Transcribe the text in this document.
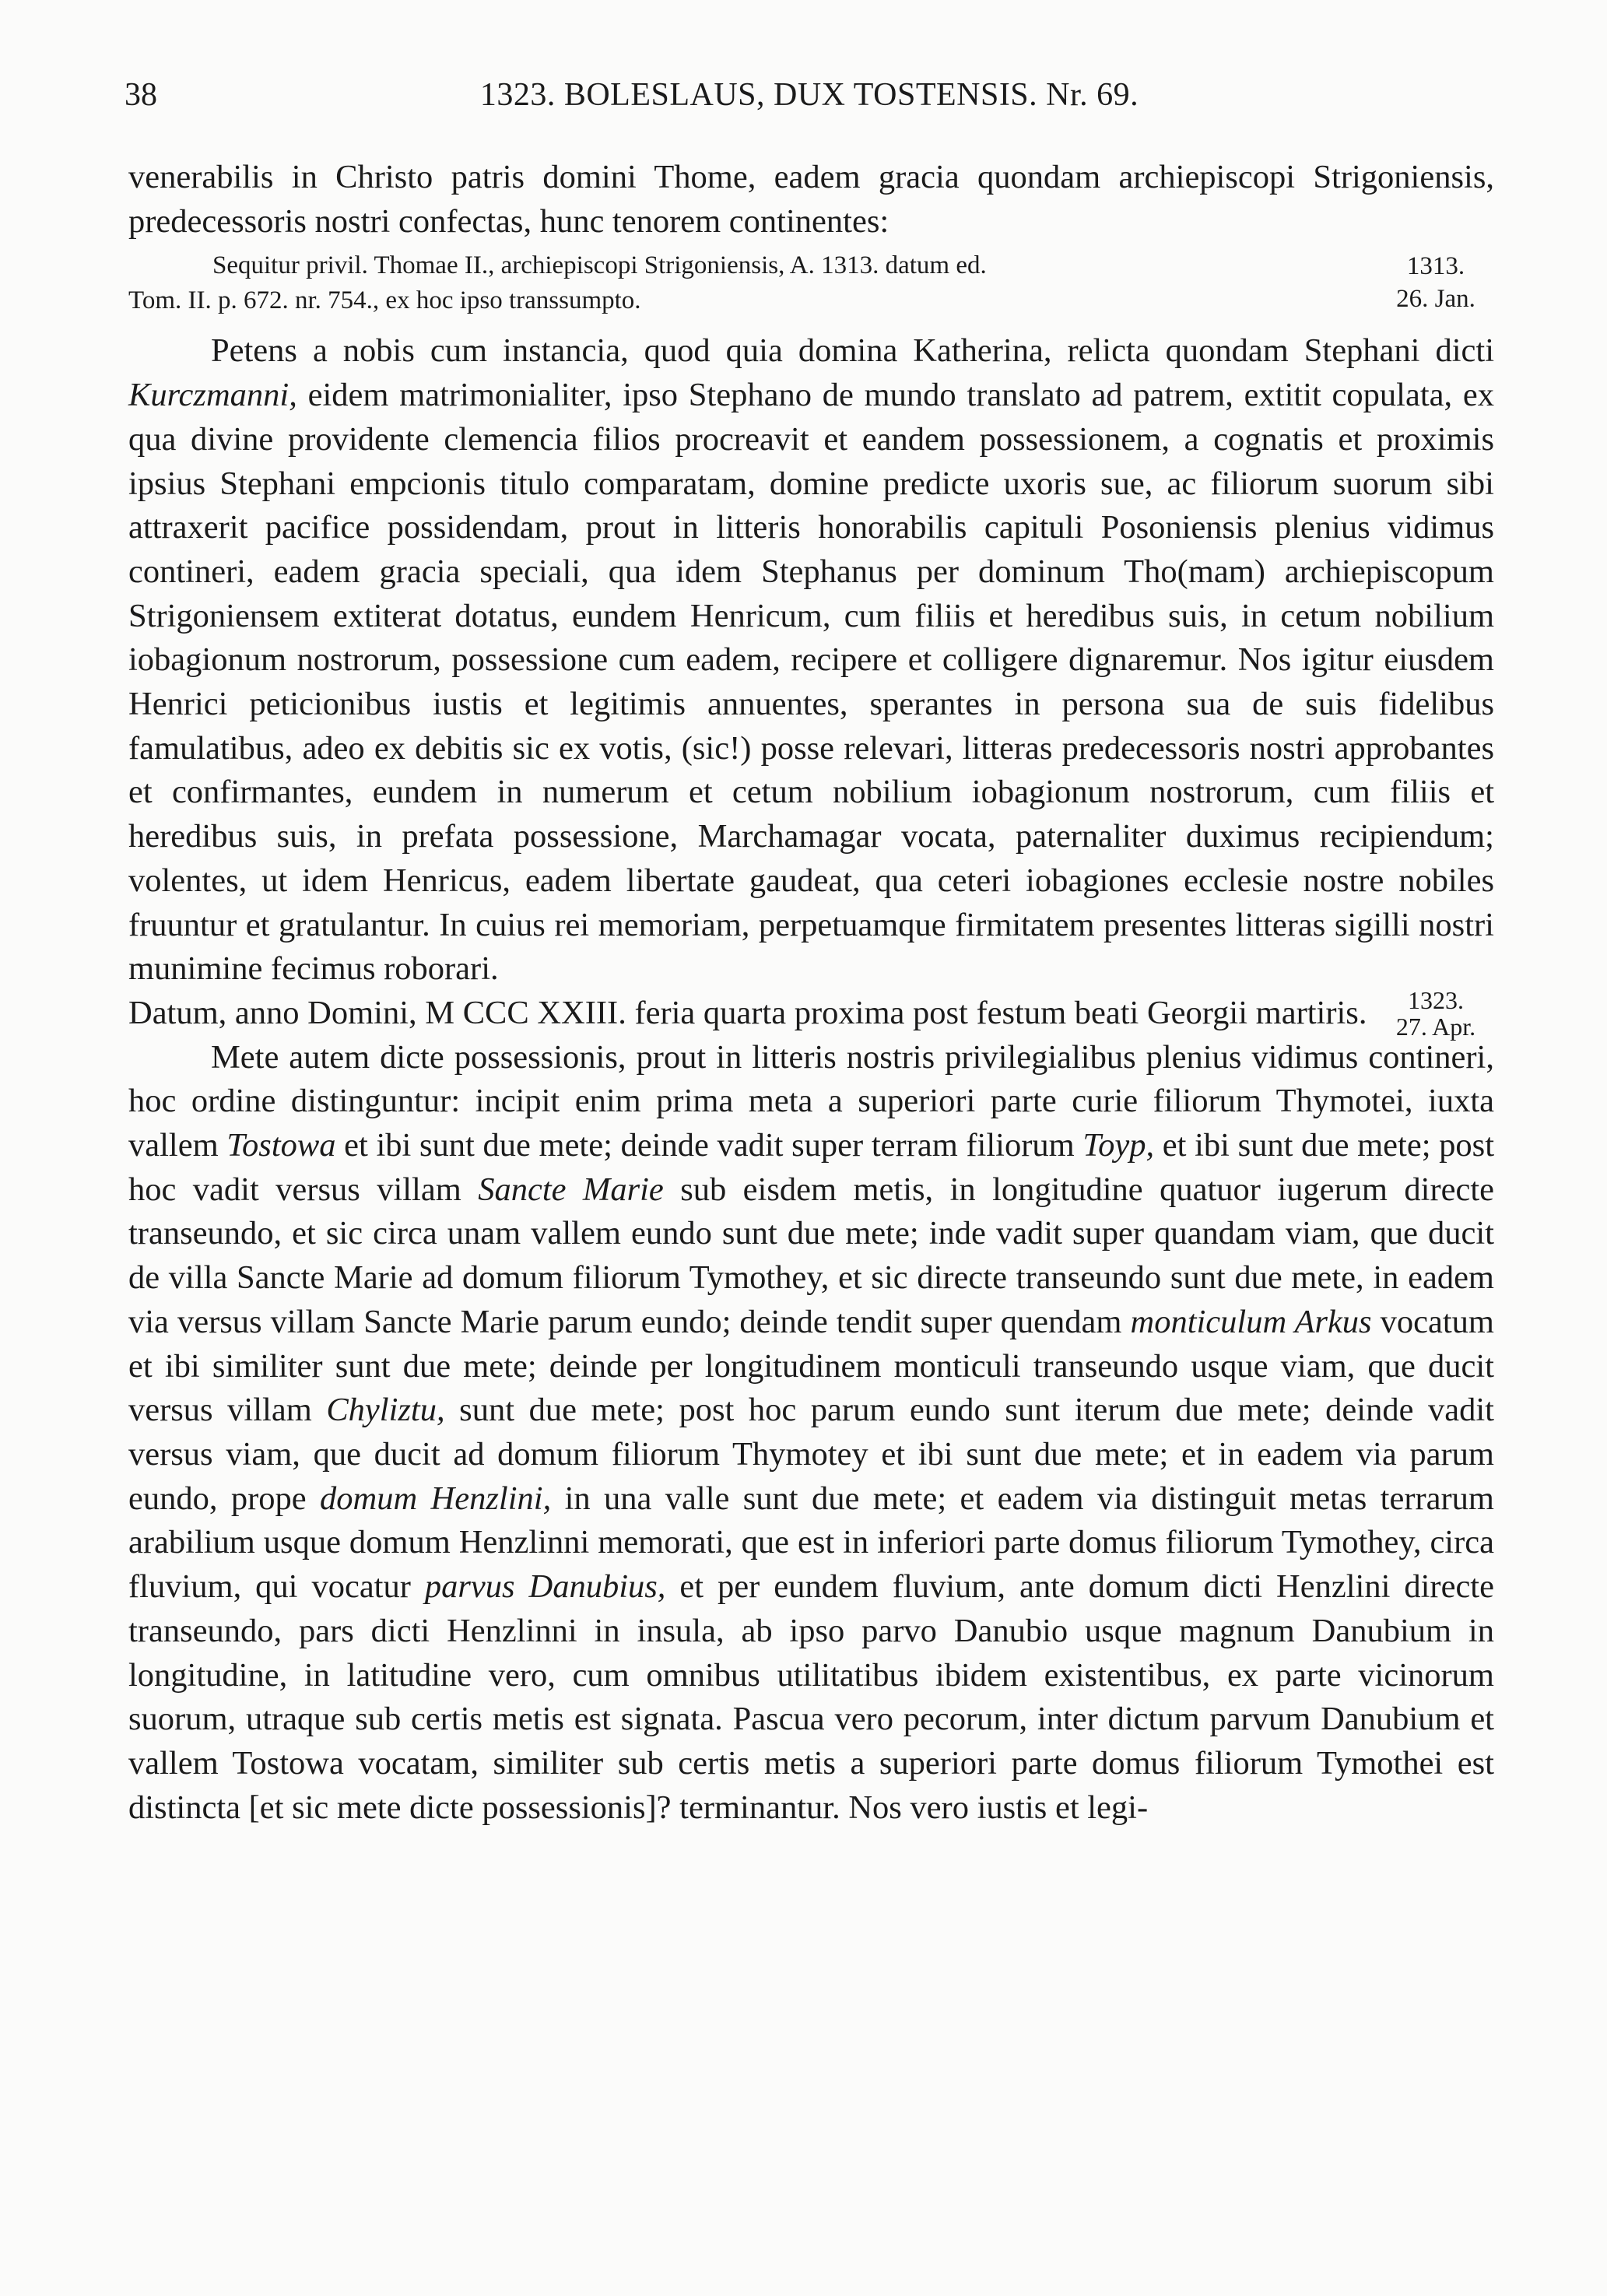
38	1323. BOLESLAUS, DUX TOSTENSIS. Nr. 69.

venerabilis in Christo patris domini Thome, eadem gracia quondam archiepiscopi Strigoniensis, predecessoris nostri confectas, hunc tenorem continentes:

Sequitur privil. Thomae II., archiepiscopi Strigoniensis, A. 1313. datum ed.
Tom. II. p. 672. nr. 754., ex hoc ipso transsumpto.
1313.
26. Jan.

Petens a nobis cum instancia, quod quia domina Katherina, relicta quondam Stephani dicti Kurczmanni, eidem matrimonialiter, ipso Stephano de mundo translato ad patrem, extitit copulata, ex qua divine providente clemencia filios procreavit et eandem possessionem, a cognatis et proximis ipsius Stephani empcionis titulo comparatam, domine predicte uxoris sue, ac filiorum suorum sibi attraxerit pacifice possidendam, prout in litteris honorabilis capituli Posoniensis plenius vidimus contineri, eadem gracia speciali, qua idem Stephanus per dominum Tho(mam) archiepiscopum Strigoniensem extiterat dotatus, eundem Henricum, cum filiis et heredibus suis, in cetum nobilium iobagionum nostrorum, possessione cum eadem, recipere et colligere dignaremur. Nos igitur eiusdem Henrici peticionibus iustis et legitimis annuentes, sperantes in persona sua de suis fidelibus famulatibus, adeo ex debitis sic ex votis, (sic!) posse relevari, litteras predecessoris nostri approbantes et confirmantes, eundem in numerum et cetum nobilium iobagionum nostrorum, cum filiis et heredibus suis, in prefata possessione, Marchamagar vocata, paternaliter duximus recipiendum; volentes, ut idem Henricus, eadem libertate gaudeat, qua ceteri iobagiones ecclesie nostre nobiles fruuntur et gratulantur. In cuius rei memoriam, perpetuamque firmitatem presentes litteras sigilli nostri munimine fecimus roborari.

Datum, anno Domini, M CCC XXIII. feria quarta proxima post festum beati Georgii martiris.	1323.
27. Apr.

Mete autem dicte possessionis, prout in litteris nostris privilegialibus plenius vidimus contineri, hoc ordine distinguntur: incipit enim prima meta a superiori parte curie filiorum Thymotei, iuxta vallem Tostowa et ibi sunt due mete; deinde vadit super terram filiorum Toyp, et ibi sunt due mete; post hoc vadit versus villam Sancte Marie sub eisdem metis, in longitudine quatuor iugerum directe transeundo, et sic circa unam vallem eundo sunt due mete; inde vadit super quandam viam, que ducit de villa Sancte Marie ad domum filiorum Tymothey, et sic directe transeundo sunt due mete, in eadem via versus villam Sancte Marie parum eundo; deinde tendit super quendam monticulum Arkus vocatum et ibi similiter sunt due mete; deinde per longitudinem monticuli transeundo usque viam, que ducit versus villam Chyliztu, sunt due mete; post hoc parum eundo sunt iterum due mete; deinde vadit versus viam, que ducit ad domum filiorum Thymotey et ibi sunt due mete; et in eadem via parum eundo, prope domum Henzlini, in una valle sunt due mete; et eadem via distinguit metas terrarum arabilium usque domum Henzlinni memorati, que est in inferiori parte domus filiorum Tymothey, circa fluvium, qui vocatur parvus Danubius, et per eundem fluvium, ante domum dicti Henzlini directe transeundo, pars dicti Henzlinni in insula, ab ipso parvo Danubio usque magnum Danubium in longitudine, in latitudine vero, cum omnibus utilitatibus ibidem existentibus, ex parte vicinorum suorum, utraque sub certis metis est signata. Pascua vero pecorum, inter dictum parvum Danubium et vallem Tostowa vocatam, similiter sub certis metis a superiori parte domus filiorum Tymothei est distincta [et sic mete dicte possessionis]? terminantur. Nos vero iustis et legi-
